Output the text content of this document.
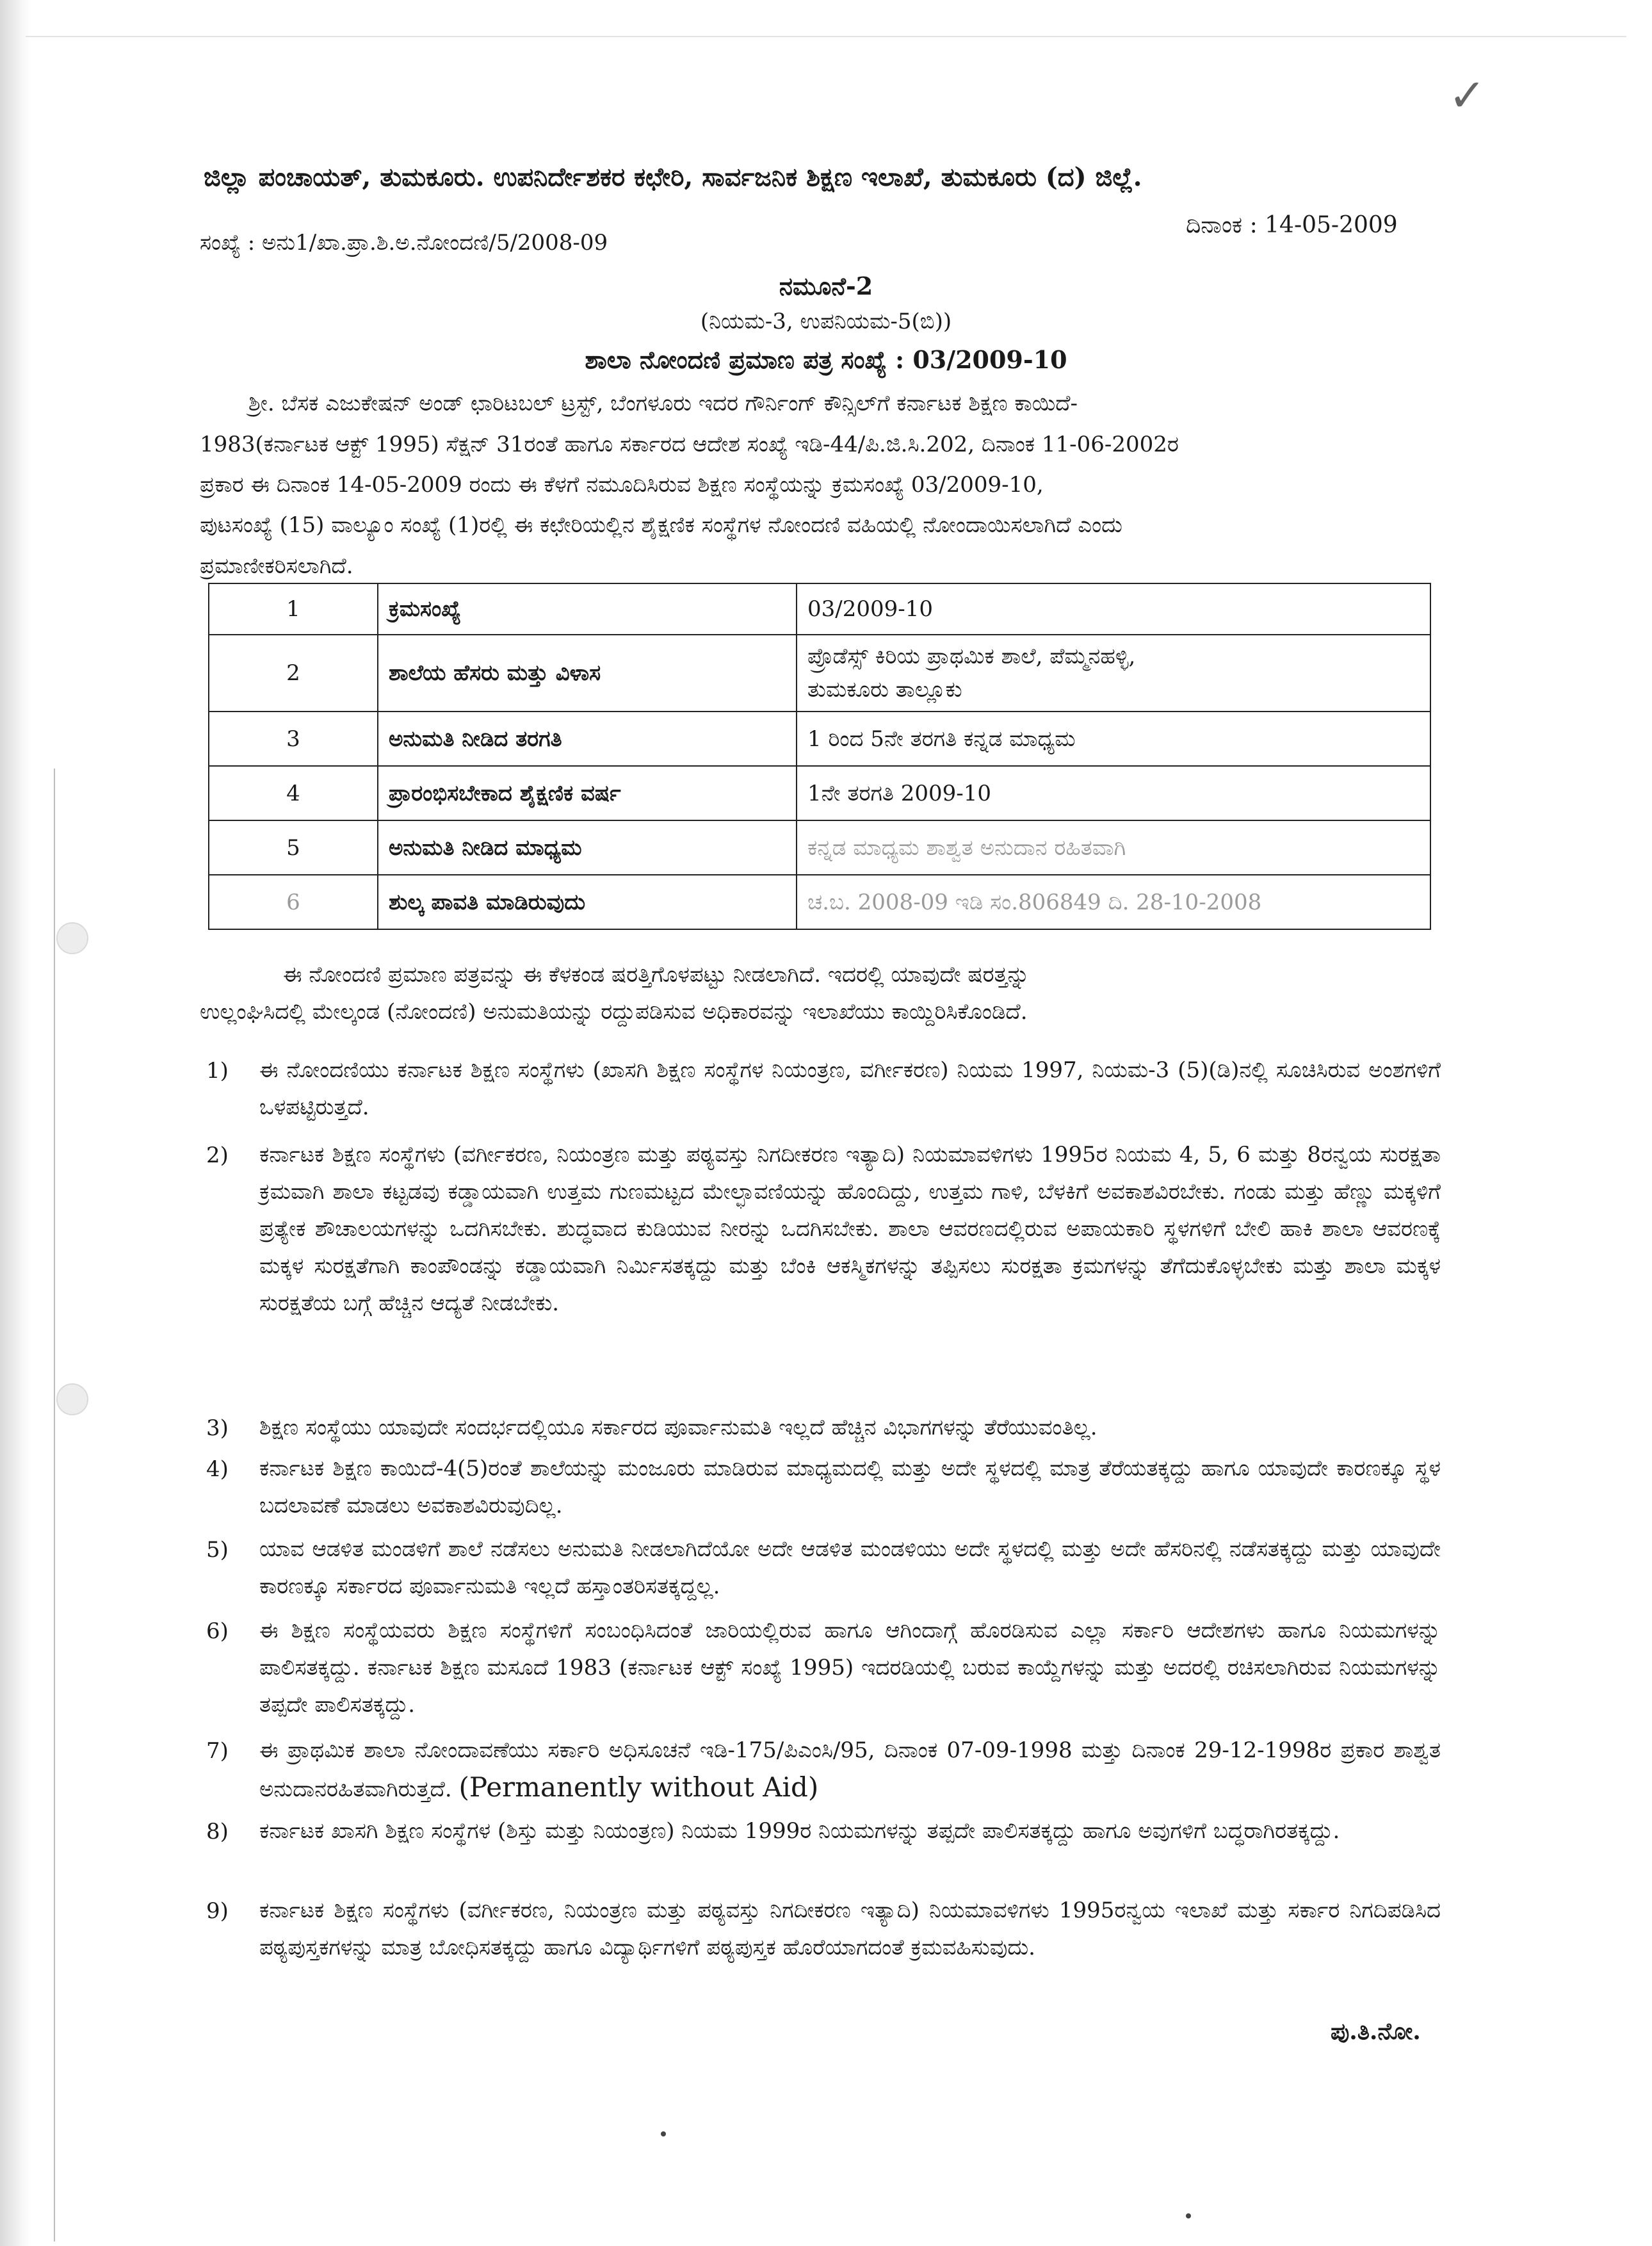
✓
ಜಿಲ್ಲಾ ಪಂಚಾಯತ್, ತುಮಕೂರು. ಉಪನಿರ್ದೇಶಕರ ಕಛೇರಿ, ಸಾರ್ವಜನಿಕ ಶಿಕ್ಷಣ ಇಲಾಖೆ, ತುಮಕೂರು (ದ) ಜಿಲ್ಲೆ.
ದಿನಾಂಕ : 14-05-2009
ಸಂಖ್ಯೆ : ಅನು1/ಖಾ.ಪ್ರಾ.ಶಿ.ಅ.ನೋಂದಣಿ/5/2008-09
ನಮೂನೆ-2
(ನಿಯಮ-3, ಉಪನಿಯಮ-5(ಬಿ))
ಶಾಲಾ ನೋಂದಣಿ ಪ್ರಮಾಣ ಪತ್ರ ಸಂಖ್ಯೆ : 03/2009-10
ಶ್ರೀ. ಬೆಸಕ ಎಜುಕೇಷನ್ ಅಂಡ್ ಛಾರಿಟಬಲ್ ಟ್ರಸ್ಟ್, ಬೆಂಗಳೂರು ಇದರ ಗೌರ್ನಿಂಗ್ ಕೌನ್ಸಿಲ್‌ಗೆ ಕರ್ನಾಟಕ ಶಿಕ್ಷಣ ಕಾಯಿದೆ-
1983(ಕರ್ನಾಟಕ ಆಕ್ಟ್ 1995) ಸೆಕ್ಷನ್ 31ರಂತೆ ಹಾಗೂ ಸರ್ಕಾರದ ಆದೇಶ ಸಂಖ್ಯೆ ಇಡಿ-44/ಪಿ.ಜಿ.ಸಿ.202, ದಿನಾಂಕ 11-06-2002ರ
ಪ್ರಕಾರ ಈ ದಿನಾಂಕ 14-05-2009 ರಂದು ಈ ಕೆಳಗೆ ನಮೂದಿಸಿರುವ ಶಿಕ್ಷಣ ಸಂಸ್ಥೆಯನ್ನು ಕ್ರಮಸಂಖ್ಯೆ 03/2009-10,
ಪುಟಸಂಖ್ಯೆ (15) ವಾಲ್ಯೂಂ ಸಂಖ್ಯೆ (1)ರಲ್ಲಿ ಈ ಕಛೇರಿಯಲ್ಲಿನ ಶೈಕ್ಷಣಿಕ ಸಂಸ್ಥೆಗಳ ನೋಂದಣಿ ವಹಿಯಲ್ಲಿ ನೋಂದಾಯಿಸಲಾಗಿದೆ ಎಂದು
ಪ್ರಮಾಣೀಕರಿಸಲಾಗಿದೆ.
1	ಕ್ರಮಸಂಖ್ಯೆ	03/2009-10
2	ಶಾಲೆಯ ಹೆಸರು ಮತ್ತು ವಿಳಾಸ	ಪ್ರೊಡೆಸ್ಸ್ ಕಿರಿಯ ಪ್ರಾಥಮಿಕ ಶಾಲೆ, ಪೆಮ್ಮನಹಳ್ಳಿ,
ತುಮಕೂರು ತಾಲ್ಲೂಕು

3	ಅನುಮತಿ ನೀಡಿದ ತರಗತಿ	1 ರಿಂದ 5ನೇ ತರಗತಿ ಕನ್ನಡ ಮಾಧ್ಯಮ
4	ಪ್ರಾರಂಭಿಸಬೇಕಾದ ಶೈಕ್ಷಣಿಕ ವರ್ಷ	1ನೇ ತರಗತಿ 2009-10
5	ಅನುಮತಿ ನೀಡಿದ ಮಾಧ್ಯಮ	ಕನ್ನಡ ಮಾಧ್ಯಮ ಶಾಶ್ವತ ಅನುದಾನ ರಹಿತವಾಗಿ
6	ಶುಲ್ಕ ಪಾವತಿ ಮಾಡಿರುವುದು	ಚ.ಬ. 2008-09 ಇಡಿ ಸಂ.806849 ದಿ. 28-10-2008
ಈ ನೋಂದಣಿ ಪ್ರಮಾಣ ಪತ್ರವನ್ನು ಈ ಕೆಳಕಂಡ ಷರತ್ತಿಗೊಳಪಟ್ಟು ನೀಡಲಾಗಿದೆ. ಇದರಲ್ಲಿ ಯಾವುದೇ ಷರತ್ತನ್ನು
ಉಲ್ಲಂಘಿಸಿದಲ್ಲಿ ಮೇಲ್ಕಂಡ (ನೋಂದಣಿ) ಅನುಮತಿಯನ್ನು ರದ್ದುಪಡಿಸುವ ಅಧಿಕಾರವನ್ನು ಇಲಾಖೆಯು ಕಾಯ್ದಿರಿಸಿಕೊಂಡಿದೆ.
1) ಈ ನೋಂದಣಿಯು ಕರ್ನಾಟಕ ಶಿಕ್ಷಣ ಸಂಸ್ಥೆಗಳು (ಖಾಸಗಿ ಶಿಕ್ಷಣ ಸಂಸ್ಥೆಗಳ ನಿಯಂತ್ರಣ, ವರ್ಗೀಕರಣ) ನಿಯಮ 1997, ನಿಯಮ-3 (5)(ಡಿ)ನಲ್ಲಿ ಸೂಚಿಸಿರುವ ಅಂಶಗಳಿಗೆ ಒಳಪಟ್ಟಿರುತ್ತದೆ.
2) ಕರ್ನಾಟಕ ಶಿಕ್ಷಣ ಸಂಸ್ಥೆಗಳು (ವರ್ಗೀಕರಣ, ನಿಯಂತ್ರಣ ಮತ್ತು ಪಠ್ಯವಸ್ತು ನಿಗದೀಕರಣ ಇತ್ಯಾದಿ) ನಿಯಮಾವಳಿಗಳು 1995ರ ನಿಯಮ 4, 5, 6 ಮತ್ತು 8ರನ್ವಯ ಸುರಕ್ಷತಾ ಕ್ರಮವಾಗಿ ಶಾಲಾ ಕಟ್ಟಡವು ಕಡ್ಡಾಯವಾಗಿ ಉತ್ತಮ ಗುಣಮಟ್ಟದ ಮೇಲ್ಛಾವಣಿಯನ್ನು ಹೊಂದಿದ್ದು, ಉತ್ತಮ ಗಾಳಿ, ಬೆಳಕಿಗೆ ಅವಕಾಶವಿರಬೇಕು. ಗಂಡು ಮತ್ತು ಹೆಣ್ಣು ಮಕ್ಕಳಿಗೆ ಪ್ರತ್ಯೇಕ ಶೌಚಾಲಯಗಳನ್ನು ಒದಗಿಸಬೇಕು. ಶುದ್ಧವಾದ ಕುಡಿಯುವ ನೀರನ್ನು ಒದಗಿಸಬೇಕು. ಶಾಲಾ ಆವರಣದಲ್ಲಿರುವ ಅಪಾಯಕಾರಿ ಸ್ಥಳಗಳಿಗೆ ಬೇಲಿ ಹಾಕಿ ಶಾಲಾ ಆವರಣಕ್ಕೆ ಮಕ್ಕಳ ಸುರಕ್ಷತೆಗಾಗಿ ಕಾಂಪೌಂಡನ್ನು ಕಡ್ಡಾಯವಾಗಿ ನಿರ್ಮಿಸತಕ್ಕದ್ದು ಮತ್ತು ಬೆಂಕಿ ಆಕಸ್ಮಿಕಗಳನ್ನು ತಪ್ಪಿಸಲು ಸುರಕ್ಷತಾ ಕ್ರಮಗಳನ್ನು ತೆಗೆದುಕೊಳ್ಳಬೇಕು ಮತ್ತು ಶಾಲಾ ಮಕ್ಕಳ ಸುರಕ್ಷತೆಯ ಬಗ್ಗೆ ಹೆಚ್ಚಿನ ಆದ್ಯತೆ ನೀಡಬೇಕು.
3) ಶಿಕ್ಷಣ ಸಂಸ್ಥೆಯು ಯಾವುದೇ ಸಂದರ್ಭದಲ್ಲಿಯೂ ಸರ್ಕಾರದ ಪೂರ್ವಾನುಮತಿ ಇಲ್ಲದೆ ಹೆಚ್ಚಿನ ವಿಭಾಗಗಳನ್ನು ತೆರೆಯುವಂತಿಲ್ಲ.
4) ಕರ್ನಾಟಕ ಶಿಕ್ಷಣ ಕಾಯಿದೆ-4(5)ರಂತೆ ಶಾಲೆಯನ್ನು ಮಂಜೂರು ಮಾಡಿರುವ ಮಾಧ್ಯಮದಲ್ಲಿ ಮತ್ತು ಅದೇ ಸ್ಥಳದಲ್ಲಿ ಮಾತ್ರ ತೆರೆಯತಕ್ಕದ್ದು ಹಾಗೂ ಯಾವುದೇ ಕಾರಣಕ್ಕೂ ಸ್ಥಳ ಬದಲಾವಣೆ ಮಾಡಲು ಅವಕಾಶವಿರುವುದಿಲ್ಲ.
5) ಯಾವ ಆಡಳಿತ ಮಂಡಳಿಗೆ ಶಾಲೆ ನಡೆಸಲು ಅನುಮತಿ ನೀಡಲಾಗಿದೆಯೋ ಅದೇ ಆಡಳಿತ ಮಂಡಳಿಯು ಅದೇ ಸ್ಥಳದಲ್ಲಿ ಮತ್ತು ಅದೇ ಹೆಸರಿನಲ್ಲಿ ನಡೆಸತಕ್ಕದ್ದು ಮತ್ತು ಯಾವುದೇ ಕಾರಣಕ್ಕೂ ಸರ್ಕಾರದ ಪೂರ್ವಾನುಮತಿ ಇಲ್ಲದೆ ಹಸ್ತಾಂತರಿಸತಕ್ಕದ್ದಲ್ಲ.
6) ಈ ಶಿಕ್ಷಣ ಸಂಸ್ಥೆಯವರು ಶಿಕ್ಷಣ ಸಂಸ್ಥೆಗಳಿಗೆ ಸಂಬಂಧಿಸಿದಂತೆ ಜಾರಿಯಲ್ಲಿರುವ ಹಾಗೂ ಆಗಿಂದಾಗ್ಗೆ ಹೊರಡಿಸುವ ಎಲ್ಲಾ ಸರ್ಕಾರಿ ಆದೇಶಗಳು ಹಾಗೂ ನಿಯಮಗಳನ್ನು ಪಾಲಿಸತಕ್ಕದ್ದು. ಕರ್ನಾಟಕ ಶಿಕ್ಷಣ ಮಸೂದೆ 1983 (ಕರ್ನಾಟಕ ಆಕ್ಟ್ ಸಂಖ್ಯೆ 1995) ಇದರಡಿಯಲ್ಲಿ ಬರುವ ಕಾಯ್ದೆಗಳನ್ನು ಮತ್ತು ಅದರಲ್ಲಿ ರಚಿಸಲಾಗಿರುವ ನಿಯಮಗಳನ್ನು ತಪ್ಪದೇ ಪಾಲಿಸತಕ್ಕದ್ದು.
7) ಈ ಪ್ರಾಥಮಿಕ ಶಾಲಾ ನೋಂದಾವಣೆಯು ಸರ್ಕಾರಿ ಅಧಿಸೂಚನೆ ಇಡಿ-175/ಪಿಎಂಸಿ/95, ದಿನಾಂಕ 07-09-1998 ಮತ್ತು ದಿನಾಂಕ 29-12-1998ರ ಪ್ರಕಾರ ಶಾಶ್ವತ ಅನುದಾನರಹಿತವಾಗಿರುತ್ತದೆ. (Permanently without Aid)
8) ಕರ್ನಾಟಕ ಖಾಸಗಿ ಶಿಕ್ಷಣ ಸಂಸ್ಥೆಗಳ (ಶಿಸ್ತು ಮತ್ತು ನಿಯಂತ್ರಣ) ನಿಯಮ 1999ರ ನಿಯಮಗಳನ್ನು ತಪ್ಪದೇ ಪಾಲಿಸತಕ್ಕದ್ದು ಹಾಗೂ ಅವುಗಳಿಗೆ ಬದ್ಧರಾಗಿರತಕ್ಕದ್ದು.
9) ಕರ್ನಾಟಕ ಶಿಕ್ಷಣ ಸಂಸ್ಥೆಗಳು (ವರ್ಗೀಕರಣ, ನಿಯಂತ್ರಣ ಮತ್ತು ಪಠ್ಯವಸ್ತು ನಿಗದೀಕರಣ ಇತ್ಯಾದಿ) ನಿಯಮಾವಳಿಗಳು 1995ರನ್ವಯ ಇಲಾಖೆ ಮತ್ತು ಸರ್ಕಾರ ನಿಗದಿಪಡಿಸಿದ ಪಠ್ಯಪುಸ್ತಕಗಳನ್ನು ಮಾತ್ರ ಬೋಧಿಸತಕ್ಕದ್ದು ಹಾಗೂ ವಿದ್ಯಾರ್ಥಿಗಳಿಗೆ ಪಠ್ಯಪುಸ್ತಕ ಹೊರೆಯಾಗದಂತೆ ಕ್ರಮವಹಿಸುವುದು.
ಪು.ತಿ.ನೋ.
